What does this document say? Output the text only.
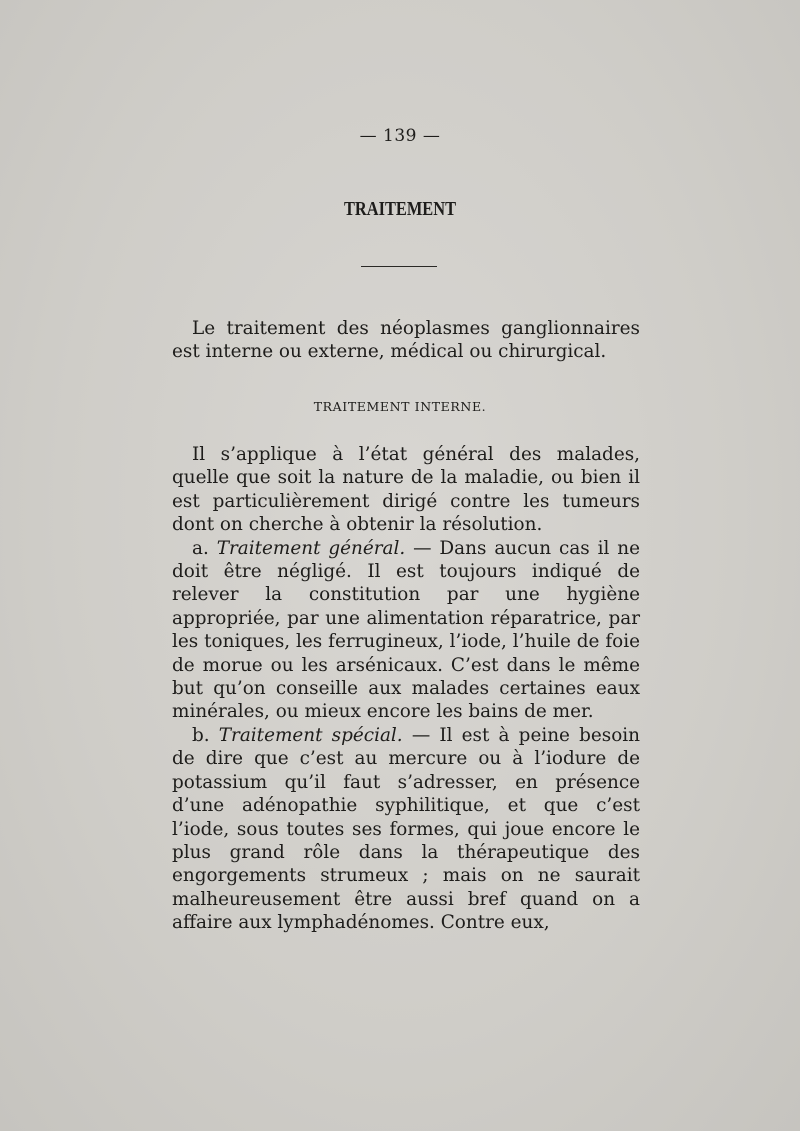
— 139 —
TRAITEMENT

Le traitement des néoplasmes ganglionnaires est interne ou externe, médical ou chirurgical.

TRAITEMENT INTERNE.

Il s’applique à l’état général des malades, quelle que soit la nature de la maladie, ou bien il est particulièrement dirigé contre les tumeurs dont on cherche à obtenir la résolution.

a. Traitement général. — Dans aucun cas il ne doit être négligé. Il est toujours indiqué de relever la constitution par une hygiène appropriée, par une alimentation réparatrice, par les toniques, les ferrugineux, l’iode, l’huile de foie de morue ou les arsénicaux. C’est dans le même but qu’on conseille aux malades certaines eaux minérales, ou mieux encore les bains de mer.

b. Traitement spécial. — Il est à peine besoin de dire que c’est au mercure ou à l’iodure de potassium qu’il faut s’adresser, en présence d’une adénopathie syphilitique, et que c’est l’iode, sous toutes ses formes, qui joue encore le plus grand rôle dans la thérapeutique des engorgements strumeux ; mais on ne saurait malheureusement être aussi bref quand on a affaire aux lymphadénomes. Contre eux,
